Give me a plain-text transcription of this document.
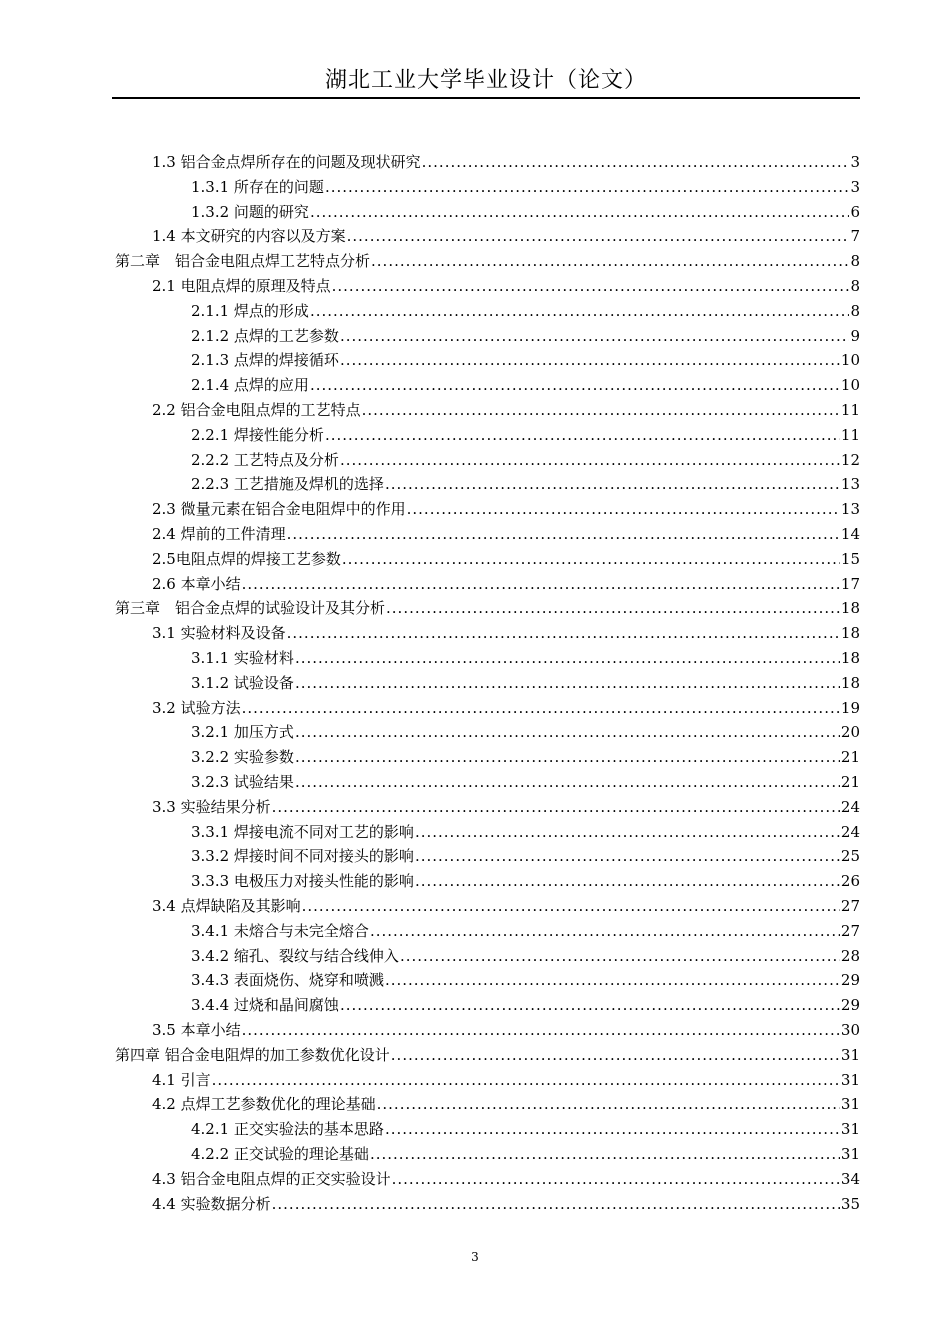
湖北工业大学毕业设计（论文）
1.3 铝合金点焊所存在的问题及现状研究 .....	3
1.3.1 所存在的问题 .....	3
1.3.2 问题的研究 .....	6
1.4 本文研究的内容以及方案 .....	7
第二章　铝合金电阻点焊工艺特点分析 .....	8
2.1 电阻点焊的原理及特点 .....	8
2.1.1 焊点的形成 .....	8
2.1.2 点焊的工艺参数 .....	9
2.1.3 点焊的焊接循环 .....	10
2.1.4 点焊的应用 .....	10
2.2 铝合金电阻点焊的工艺特点 .....	11
2.2.1 焊接性能分析 .....	11
2.2.2 工艺特点及分析 .....	12
2.2.3 工艺措施及焊机的选择 .....	13
2.3 微量元素在铝合金电阻焊中的作用 .....	13
2.4 焊前的工件清理 .....	14
2.5电阻点焊的焊接工艺参数 .....	15
2.6 本章小结 .....	17
第三章　铝合金点焊的试验设计及其分析 .....	18
3.1 实验材料及设备 .....	18
3.1.1 实验材料 .....	18
3.1.2 试验设备 .....	18
3.2 试验方法 .....	19
3.2.1 加压方式 .....	20
3.2.2 实验参数 .....	21
3.2.3 试验结果 .....	21
3.3 实验结果分析 .....	24
3.3.1 焊接电流不同对工艺的影响 .....	24
3.3.2 焊接时间不同对接头的影响 .....	25
3.3.3 电极压力对接头性能的影响 .....	26
3.4 点焊缺陷及其影响 .....	27
3.4.1 未熔合与未完全熔合 .....	27
3.4.2 缩孔、裂纹与结合线伸入 .....	28
3.4.3 表面烧伤、烧穿和喷溅 .....	29
3.4.4 过烧和晶间腐蚀 .....	29
3.5 本章小结 .....	30
第四章 铝合金电阻焊的加工参数优化设计 .....	31
4.1 引言 .....	31
4.2 点焊工艺参数优化的理论基础 .....	31
4.2.1 正交实验法的基本思路 .....	31
4.2.2 正交试验的理论基础 .....	31
4.3 铝合金电阻点焊的正交实验设计 .....	34
4.4 实验数据分析 .....	35
3
